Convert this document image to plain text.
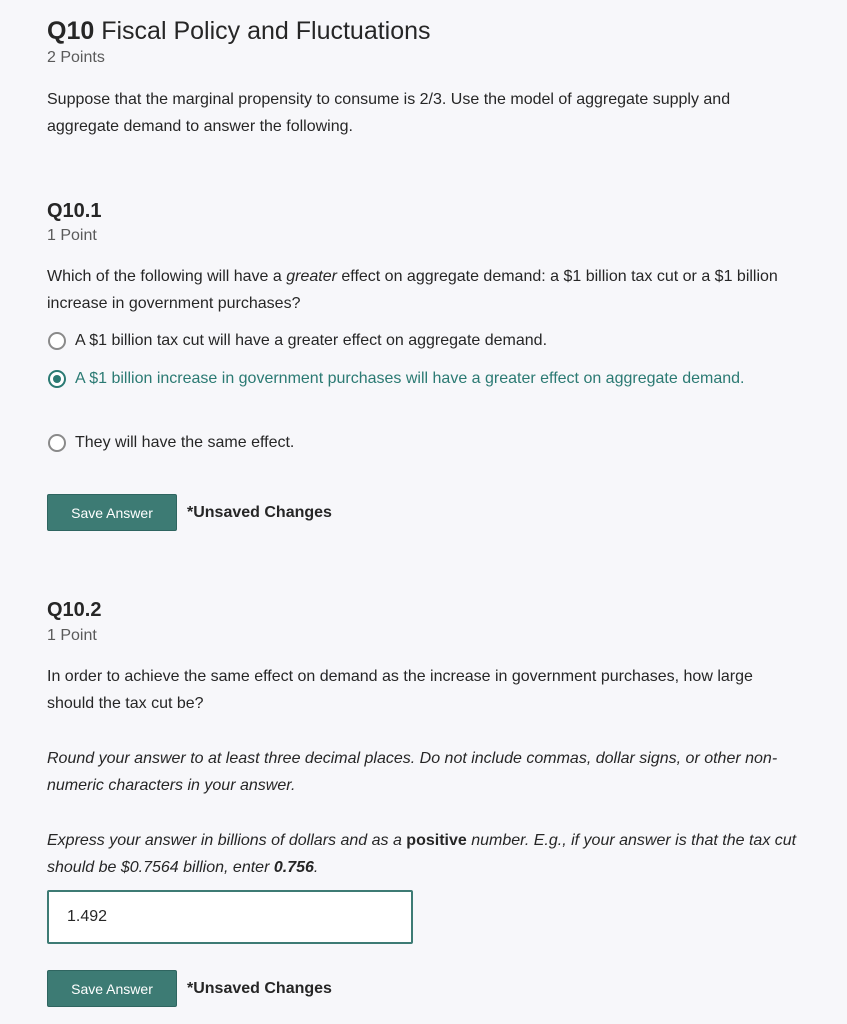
Q10 Fiscal Policy and Fluctuations
2 Points
Suppose that the marginal propensity to consume is 2/3. Use the model of aggregate supply and aggregate demand to answer the following.
Q10.1
1 Point
Which of the following will have a greater effect on aggregate demand: a $1 billion tax cut or a $1 billion increase in government purchases?
A $1 billion tax cut will have a greater effect on aggregate demand.
A $1 billion increase in government purchases will have a greater effect on aggregate demand.
They will have the same effect.
Save Answer	*Unsaved Changes
Q10.2
1 Point
In order to achieve the same effect on demand as the increase in government purchases, how large should the tax cut be?
Round your answer to at least three decimal places. Do not include commas, dollar signs, or other non-numeric characters in your answer.
Express your answer in billions of dollars and as a positive number. E.g., if your answer is that the tax cut should be $0.7564 billion, enter 0.756.
1.492
Save Answer	*Unsaved Changes
